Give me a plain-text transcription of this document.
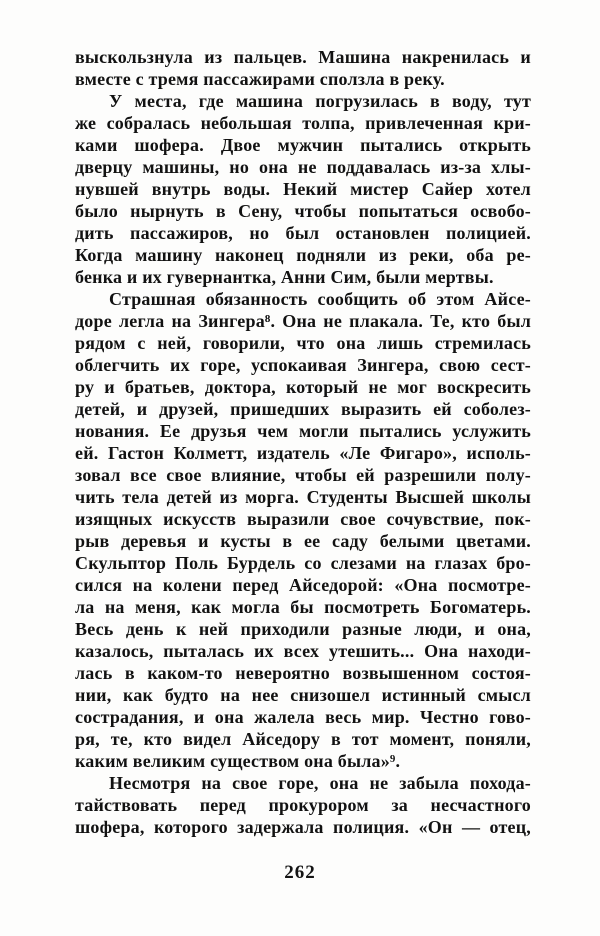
выскользнула из пальцев. Машина накренилась и
вместе с тремя пассажирами сползла в реку.
У места, где машина погрузилась в воду, тут
же собралась небольшая толпа, привлеченная кри-
ками шофера. Двое мужчин пытались открыть
дверцу машины, но она не поддавалась из-за хлы-
нувшей внутрь воды. Некий мистер Сайер хотел
было нырнуть в Сену, чтобы попытаться освобо-
дить пассажиров, но был остановлен полицией.
Когда машину наконец подняли из реки, оба ре-
бенка и их гувернантка, Анни Сим, были мертвы.
Страшная обязанность сообщить об этом Айсе-
доре легла на Зингера⁸. Она не плакала. Те, кто был
рядом с ней, говорили, что она лишь стремилась
облегчить их горе, успокаивая Зингера, свою сест-
ру и братьев, доктора, который не мог воскресить
детей, и друзей, пришедших выразить ей соболез-
нования. Ее друзья чем могли пытались услужить
ей. Гастон Колметт, издатель «Ле Фигаро», исполь-
зовал все свое влияние, чтобы ей разрешили полу-
чить тела детей из морга. Студенты Высшей школы
изящных искусств выразили свое сочувствие, пок-
рыв деревья и кусты в ее саду белыми цветами.
Скульптор Поль Бурдель со слезами на глазах бро-
сился на колени перед Айседорой: «Она посмотре-
ла на меня, как могла бы посмотреть Богоматерь.
Весь день к ней приходили разные люди, и она,
казалось, пыталась их всех утешить... Она находи-
лась в каком-то невероятно возвышенном состоя-
нии, как будто на нее снизошел истинный смысл
сострадания, и она жалела весь мир. Честно гово-
ря, те, кто видел Айседору в тот момент, поняли,
каким великим существом она была»⁹.
Несмотря на свое горе, она не забыла похода-
тайствовать перед прокурором за несчастного
шофера, которого задержала полиция. «Он — отец,
262
